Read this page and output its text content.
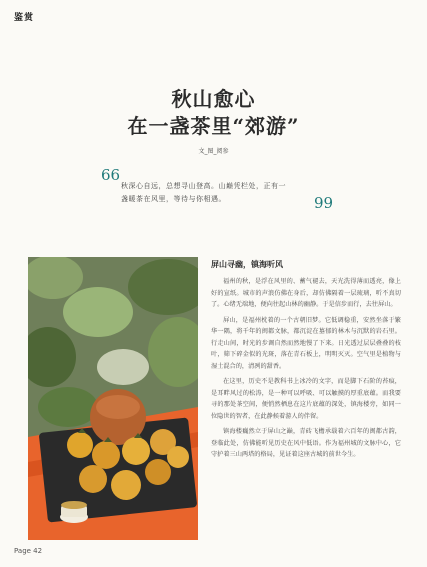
鉴赏
秋山愈心
在一盏茶里“郊游”
文_图_阅参
66

秋深心自远，总想寻山登高。山巅凭栏处，正有一

盏暖茶在风里，等待与你相遇。	99
屏山寻幽，镇海听风

福州的秋，是浮在风里的、蓄气褪去，天光洗得薄而透亮，像上好的宣纸。城市的声浪仿佛在身后，却仿佛隔着一层琉璃，听不真切了。心绪无端地，便向往起山林的幽静。于是信步而行，去往屏山。

屏山，是福州枕着的一个古朝旧梦。它低调稳重，安然坐落于繁华一隅，将千年的闽都文脉，都沉淀在墓郁的林木与沉默的岩石里。行走山间，时光的步调自然而然地慢了下来。日光透过层层叠叠的枝叶，筛下碎金似的光斑，落在青石板上，明明灭灭。空气里是植物与湿土混合的，清冽的甜香。

在这里，历史不是教科书上冰冷的文字，而是脚下石阶的苔痕，是耳畔风过的松涛，是一种可以呼吸、可以触摸的厚重底蕴。而我要寻的那处茶空间，便悄然栖息在这片底蕴的深处，镇海楼旁，如同一位隐世的智者，在此静候着游人的伴留。

镇海楼巍然立于屏山之巅，青砖飞檐承载着六百年的闽都古韵，登临此处，仿佛能听见历史在风中低语。作为福州城的文脉中心，它守护着三山两塔的格局，见证着这座古城的前世今生。

Page 42
